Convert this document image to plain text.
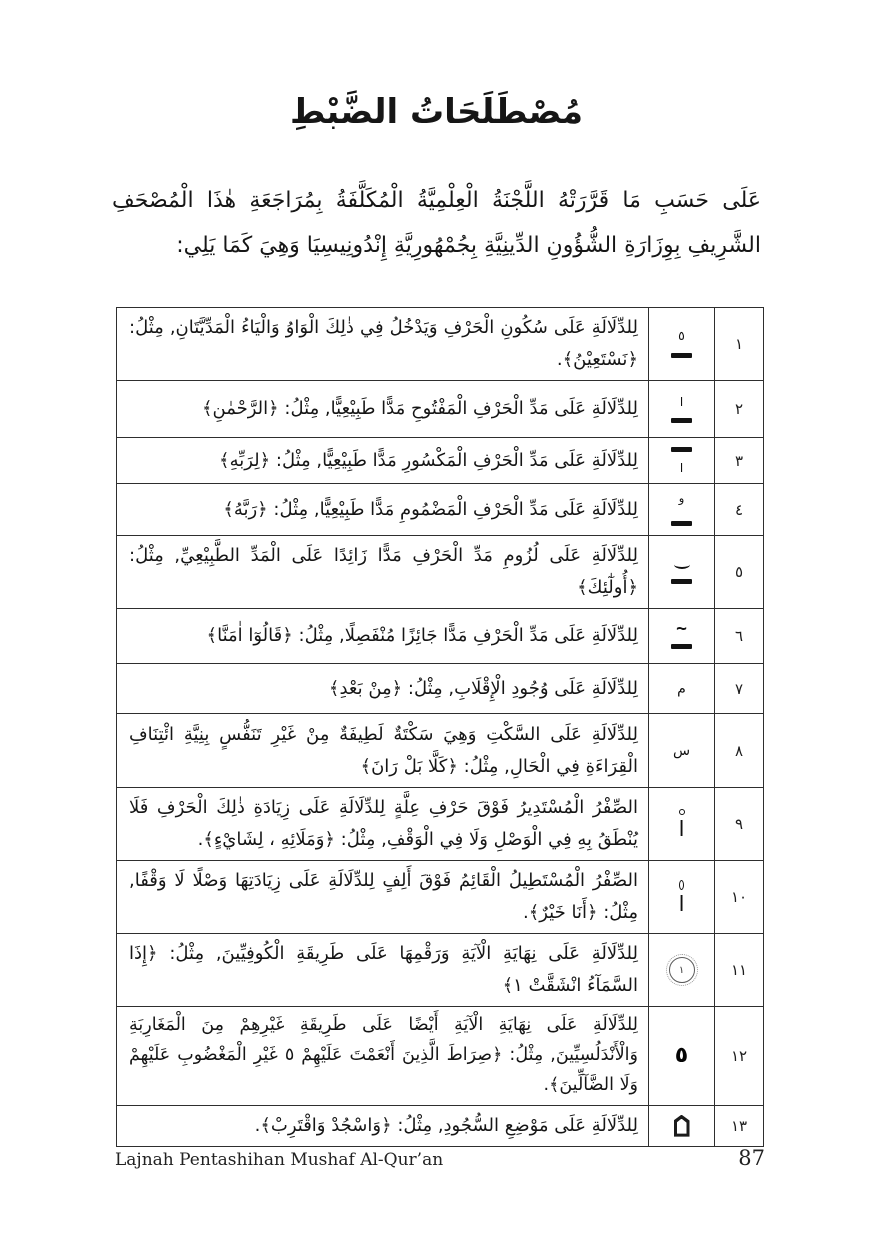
مُصْطَلَحَاتُ الضَّبْطِ
عَلَى حَسَبِ مَا قَرَّرَتْهُ اللَّجْنَةُ الْعِلْمِيَّةُ الْمُكَلَّفَةُ بِمُرَاجَعَةِ هٰذَا الْمُصْحَفِ الشَّرِيفِ بِوِزَارَةِ الشُّؤُونِ الدِّينِيَّةِ بِجُمْهُورِيَّةِ إِنْدُونِيسِيَا وَهِيَ كَمَا يَلِي:
١
٥
لِلدِّلَالَةِ عَلَى سُكُونِ الْحَرْفِ وَيَدْخُلُ فِي ذٰلِكَ الْوَاوُ وَالْيَاءُ الْمَدِّيَّتَانِ, مِثْلُ: ﴿نَسْتَعِيْنُ﴾.
٢
ا
لِلدِّلَالَةِ عَلَى مَدِّ الْحَرْفِ الْمَفْتُوحِ مَدًّا طَبِيْعِيًّا, مِثْلُ: ﴿الرَّحْمٰنِ﴾
٣
ا
لِلدِّلَالَةِ عَلَى مَدِّ الْحَرْفِ الْمَكْسُورِ مَدًّا طَبِيْعِيًّا, مِثْلُ: ﴿لِرَبِّهِ﴾
٤
و
لِلدِّلَالَةِ عَلَى مَدِّ الْحَرْفِ الْمَضْمُومِ مَدًّا طَبِيْعِيًّا, مِثْلُ: ﴿رَبَّهُ﴾
٥
لِلدِّلَالَةِ عَلَى لُزُومِ مَدِّ الْحَرْفِ مَدًّا زَائِدًا عَلَى الْمَدِّ الطَّبِيْعِيِّ, مِثْلُ: ﴿أُولٰٓئِكَ﴾
٦
~
لِلدِّلَالَةِ عَلَى مَدِّ الْحَرْفِ مَدًّا جَائِزًا مُنْفَصِلًا, مِثْلُ: ﴿قَالُوٓا اٰمَنَّا﴾
٧
م
لِلدِّلَالَةِ عَلَى وُجُودِ الْإِقْلَابِ, مِثْلُ: ﴿مِنْ بَعْدِ﴾
٨
س
لِلدِّلَالَةِ عَلَى السَّكْتِ وَهِيَ سَكْتَةٌ لَطِيفَةٌ مِنْ غَيْرِ تَنَفُّسٍ بِنِيَّةِ ائْتِنَافِ الْقِرَاءَةِ فِي الْحَالِ, مِثْلُ: ﴿كَلَّا بَلْ رَانَ﴾
٩
ا
الصِّفْرُ الْمُسْتَدِيرُ فَوْقَ حَرْفِ عِلَّةٍ لِلدِّلَالَةِ عَلَى زِيَادَةِ ذٰلِكَ الْحَرْفِ فَلَا يُنْطَقُ بِهِ فِي الْوَصْلِ وَلَا فِي الْوَقْفِ, مِثْلُ: ﴿وَمَلَائِهِ ، لِشَايْءٍ﴾.
١٠
ا
الصِّفْرُ الْمُسْتَطِيلُ الْقَائِمُ فَوْقَ أَلِفٍ لِلدِّلَالَةِ عَلَى زِيَادَتِهَا وَصْلًا لَا وَقْفًا, مِثْلُ: ﴿أَنَا خَيْرٌ﴾.
١١
١
لِلدِّلَالَةِ عَلَى نِهَايَةِ الْآيَةِ وَرَقْمِهَا عَلَى طَرِيقَةِ الْكُوفِيِّينَ, مِثْلُ: ﴿إِذَا السَّمَآءُ انْشَقَّتْ ١﴾
١٢
٥
لِلدِّلَالَةِ عَلَى نِهَايَةِ الْآيَةِ أَيْضًا عَلَى طَرِيقَةِ غَيْرِهِمْ مِنَ الْمَغَارِبَةِ وَالْأَنْدَلُسِيِّينَ, مِثْلُ: ﴿صِرَاطَ الَّذِينَ أَنْعَمْتَ عَلَيْهِمْ ٥ غَيْرِ الْمَغْضُوبِ عَلَيْهِمْ وَلَا الضَّآلِّينَ﴾.
١٣
لِلدِّلَالَةِ عَلَى مَوْضِعِ السُّجُودِ, مِثْلُ: ﴿وَاسْجُدْ وَاقْتَرِبْ﴾.
Lajnah Pentashihan Mushaf Al-Qur’an	87
